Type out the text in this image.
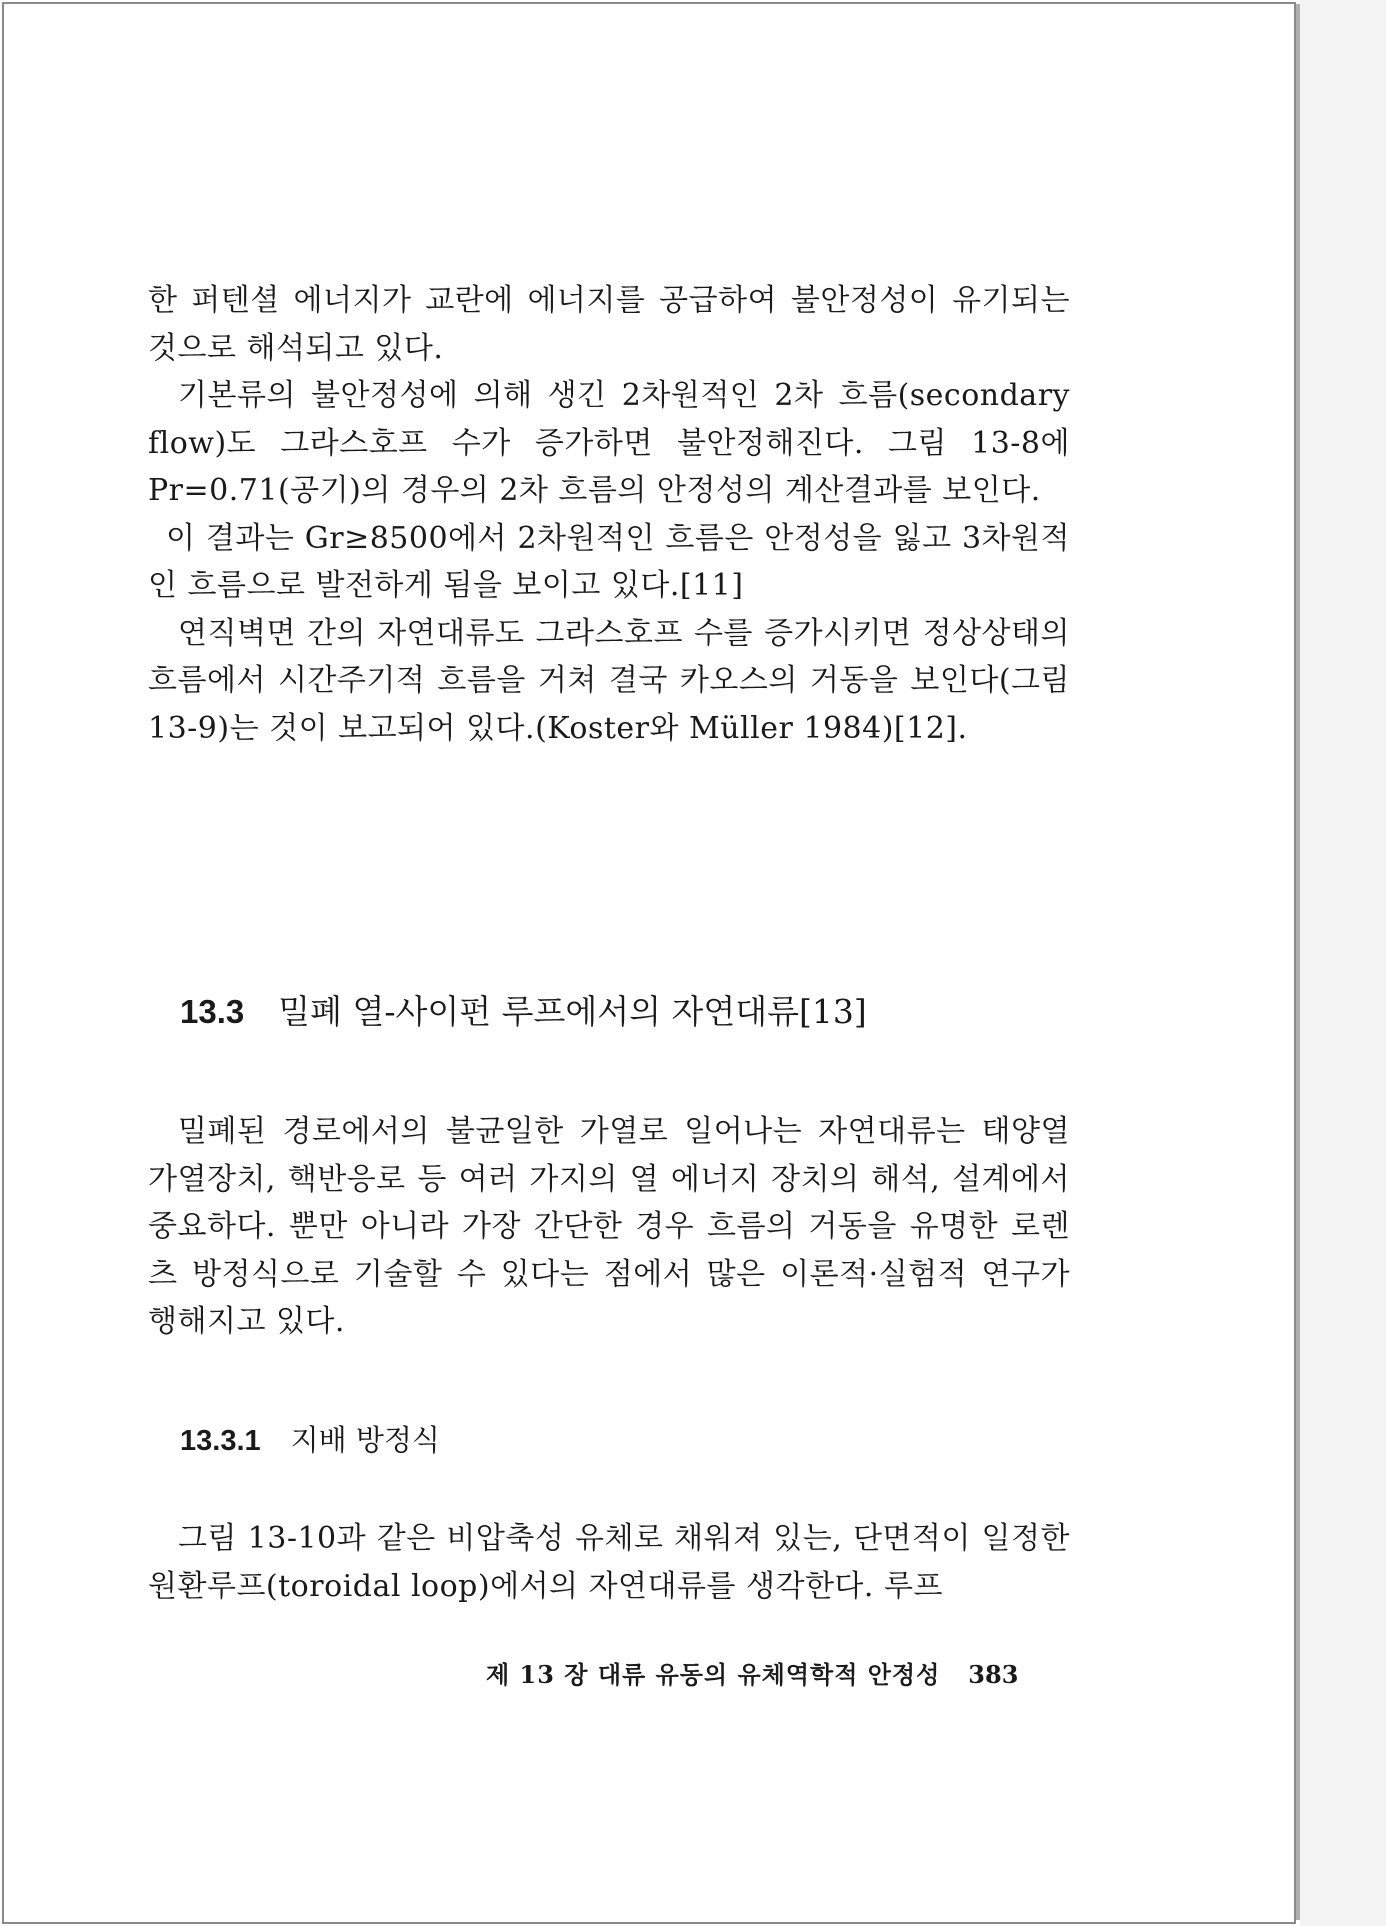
한 퍼텐셜 에너지가 교란에 에너지를 공급하여 불안정성이 유기되는 것으로 해석되고 있다.

기본류의 불안정성에 의해 생긴 2차원적인 2차 흐름(secondary flow)도 그라스호프 수가 증가하면 불안정해진다. 그림 13-8에 Pr=0.71(공기)의 경우의 2차 흐름의 안정성의 계산결과를 보인다.

이 결과는 Gr≥8500에서 2차원적인 흐름은 안정성을 잃고 3차원적인 흐름으로 발전하게 됨을 보이고 있다.[11]

연직벽면 간의 자연대류도 그라스호프 수를 증가시키면 정상상태의 흐름에서 시간주기적 흐름을 거쳐 결국 카오스의 거동을 보인다(그림 13-9)는 것이 보고되어 있다.(Koster와 Müller 1984)[12].

13.3 밀폐 열-사이펀 루프에서의 자연대류[13]

밀폐된 경로에서의 불균일한 가열로 일어나는 자연대류는 태양열 가열장치, 핵반응로 등 여러 가지의 열 에너지 장치의 해석, 설계에서 중요하다. 뿐만 아니라 가장 간단한 경우 흐름의 거동을 유명한 로렌츠 방정식으로 기술할 수 있다는 점에서 많은 이론적·실험적 연구가 행해지고 있다.

13.3.1 지배 방정식

그림 13-10과 같은 비압축성 유체로 채워져 있는, 단면적이 일정한 원환루프(toroidal loop)에서의 자연대류를 생각한다. 루프

제 13 장 대류 유동의 유체역학적 안정성 383
